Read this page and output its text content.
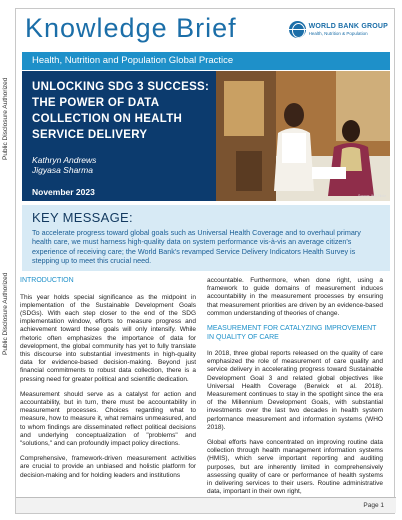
Public Disclosure Authorized
Public Disclosure Authorized
Knowledge Brief	WORLD BANK GROUP
Health, Nutrition & Population
Health, Nutrition and Population Global Practice
UNLOCKING SDG 3 SUCCESS: THE POWER OF DATA COLLECTION ON HEALTH SERVICE DELIVERY
Kathryn Andrews
Jigyasa Sharma
November 2023	Source: WB Flickr
KEY MESSAGE:
To accelerate progress toward global goals such as Universal Health Coverage and to overhaul primary health care, we must harness high-quality data on system performance vis-à-vis an average citizen's experience of receiving care; the World Bank's revamped Service Delivery Indicators Health Survey is stepping up to meet this crucial need.
INTRODUCTION

This year holds special significance as the midpoint in implementation of the Sustainable Development Goals (SDGs). With each step closer to the end of the SDG implementation window, efforts to measure progress and achievement toward these goals will only intensify. While rhetoric often emphasizes the importance of data for development, the global community has yet to fully translate this discourse into substantial investments in high-quality data for evidence-based decision-making. Beyond just financial commitments to robust data collection, there is a pressing need for greater political and scientific dedication.

Measurement should serve as a catalyst for action and accountability, but in turn, there must be accountability in measurement processes. Choices regarding what to measure, how to measure it, what remains unmeasured, and to whom findings are disseminated reflect political decisions and underlying conceptualization of "problems" and "solutions," and can profoundly impact policy directions.

Comprehensive, framework-driven measurement activities are crucial to provide an unbiased and holistic platform for decision-making and for holding leaders and institutions

accountable. Furthermore, when done right, using a framework to guide domains of measurement induces accountability in the measurement processes by ensuring that measurement priorities are driven by an evidence-based common understanding of theories of change.

MEASUREMENT FOR CATALYZING IMPROVEMENT IN QUALITY OF CARE

In 2018, three global reports released on the quality of care emphasized the role of measurement of care quality and service delivery in accelerating progress toward Sustainable Development Goal 3 and related global objectives like Universal Health Coverage (Berwick et al. 2018). Measurement continues to stay in the spotlight since the era of the Millennium Development Goals, with substantial investments over the last two decades in health system performance measurement and information systems (WHO 2018).

Global efforts have concentrated on improving routine data collection through health management information systems (HMIS), which serve important reporting and auditing purposes, but are inherently limited in comprehensively assessing quality of care or performance of health systems in delivering services to their users. Routine administrative data, important in their own right,

Page 1
